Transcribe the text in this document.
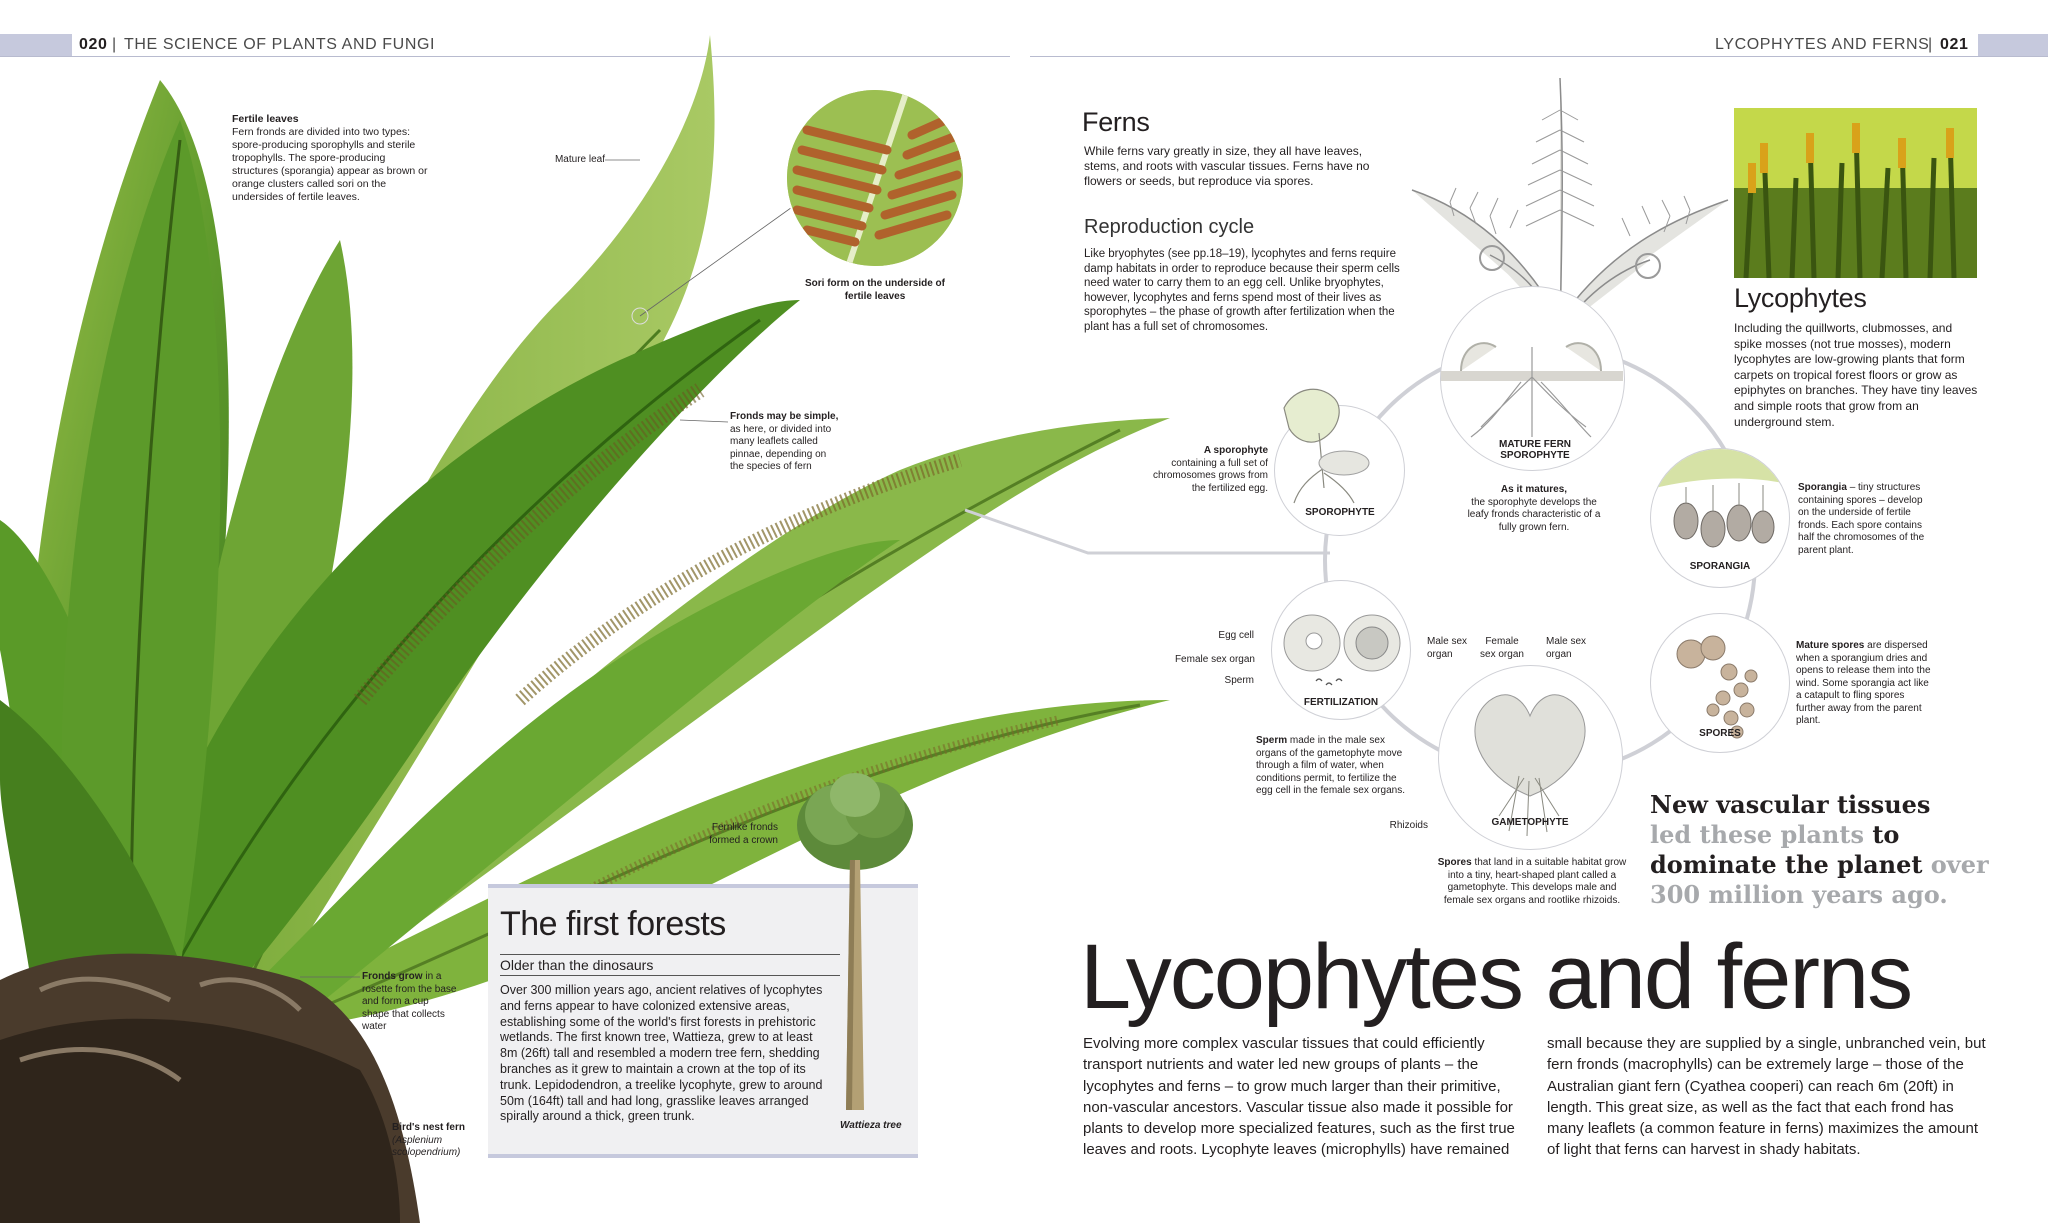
020 | THE SCIENCE OF PLANTS AND FUNGI	LYCOPHYTES AND FERNS
| 021
Fertile leaves
Fern fronds are divided into two types: spore-producing sporophylls and sterile tropophylls. The spore-producing structures (sporangia) appear as brown or orange clusters called sori on the undersides of fertile leaves.
Mature leaf
Sori form on the underside of fertile leaves
Fronds may be simple,
as here, or divided into many leaflets called pinnae, depending on the species of fern
Fronds grow in a rosette from the base and form a cup shape that collects water
Bird's nest fern
(Asplenium scolopendrium)
The first forests
Older than the dinosaurs
Over 300 million years ago, ancient relatives of lycophytes and ferns appear to have colonized extensive areas, establishing some of the world's first forests in prehistoric wetlands. The first known tree, Wattieza, grew to at least 8m (26ft) tall and resembled a modern tree fern, shedding branches as it grew to maintain a crown at the top of its trunk. Lepidodendron, a treelike lycophyte, grew to around 50m (164ft) tall and had long, grasslike leaves arranged spirally around a thick, green trunk.
Fernlike fronds formed a crown
Wattieza tree
Ferns
While ferns vary greatly in size, they all have leaves, stems, and roots with vascular tissues. Ferns have no flowers or seeds, but reproduce via spores.
Reproduction cycle
Like bryophytes (see pp.18–19), lycophytes and ferns require damp habitats in order to reproduce because their sperm cells need water to carry them to an egg cell. Unlike bryophytes, however, lycophytes and ferns spend most of their lives as sporophytes – the phase of growth after fertilization when the plant has a full set of chromosomes.
Lycophytes
Including the quillworts, clubmosses, and spike mosses (not true mosses), modern lycophytes are low-growing plants that form carpets on tropical forest floors or grow as epiphytes on branches. They have tiny leaves and simple roots that grow from an underground stem.
MATURE FERN SPOROPHYTE
As it matures,
the sporophyte develops the leafy fronds characteristic of a fully grown fern.
SPOROPHYTE
A sporophyte
containing a full set of chromosomes grows from the fertilized egg.
SPORANGIA
Sporangia – tiny structures containing spores – develop on the underside of fertile fronds. Each spore contains half the chromosomes of the parent plant.
SPORES
Mature spores are dispersed when a sporangium dries and opens to release them into the wind. Some sporangia act like a catapult to fling spores further away from the parent plant.
FERTILIZATION
Egg cell
Female sex organ
Sperm
Male sex organ
Female sex organ
Male sex organ
Sperm made in the male sex organs of the gametophyte move through a film of water, when conditions permit, to fertilize the egg cell in the female sex organs.
GAMETOPHYTE
Rhizoids
Spores that land in a suitable habitat grow into a tiny, heart-shaped plant called a gametophyte. This develops male and female sex organs and rootlike rhizoids.
New vascular tissues
led these plants to
dominate the planet over 300 million years ago.
Lycophytes and ferns
Evolving more complex vascular tissues that could efficiently transport nutrients and water led new groups of plants – the lycophytes and ferns – to grow much larger than their primitive, non-vascular ancestors. Vascular tissue also made it possible for plants to develop more specialized features, such as the first true leaves and roots. Lycophyte leaves (microphylls) have remained
small because they are supplied by a single, unbranched vein, but fern fronds (macrophylls) can be extremely large – those of the Australian giant fern (Cyathea cooperi) can reach 6m (20ft) in length. This great size, as well as the fact that each frond has many leaflets (a common feature in ferns) maximizes the amount of light that ferns can harvest in shady habitats.
